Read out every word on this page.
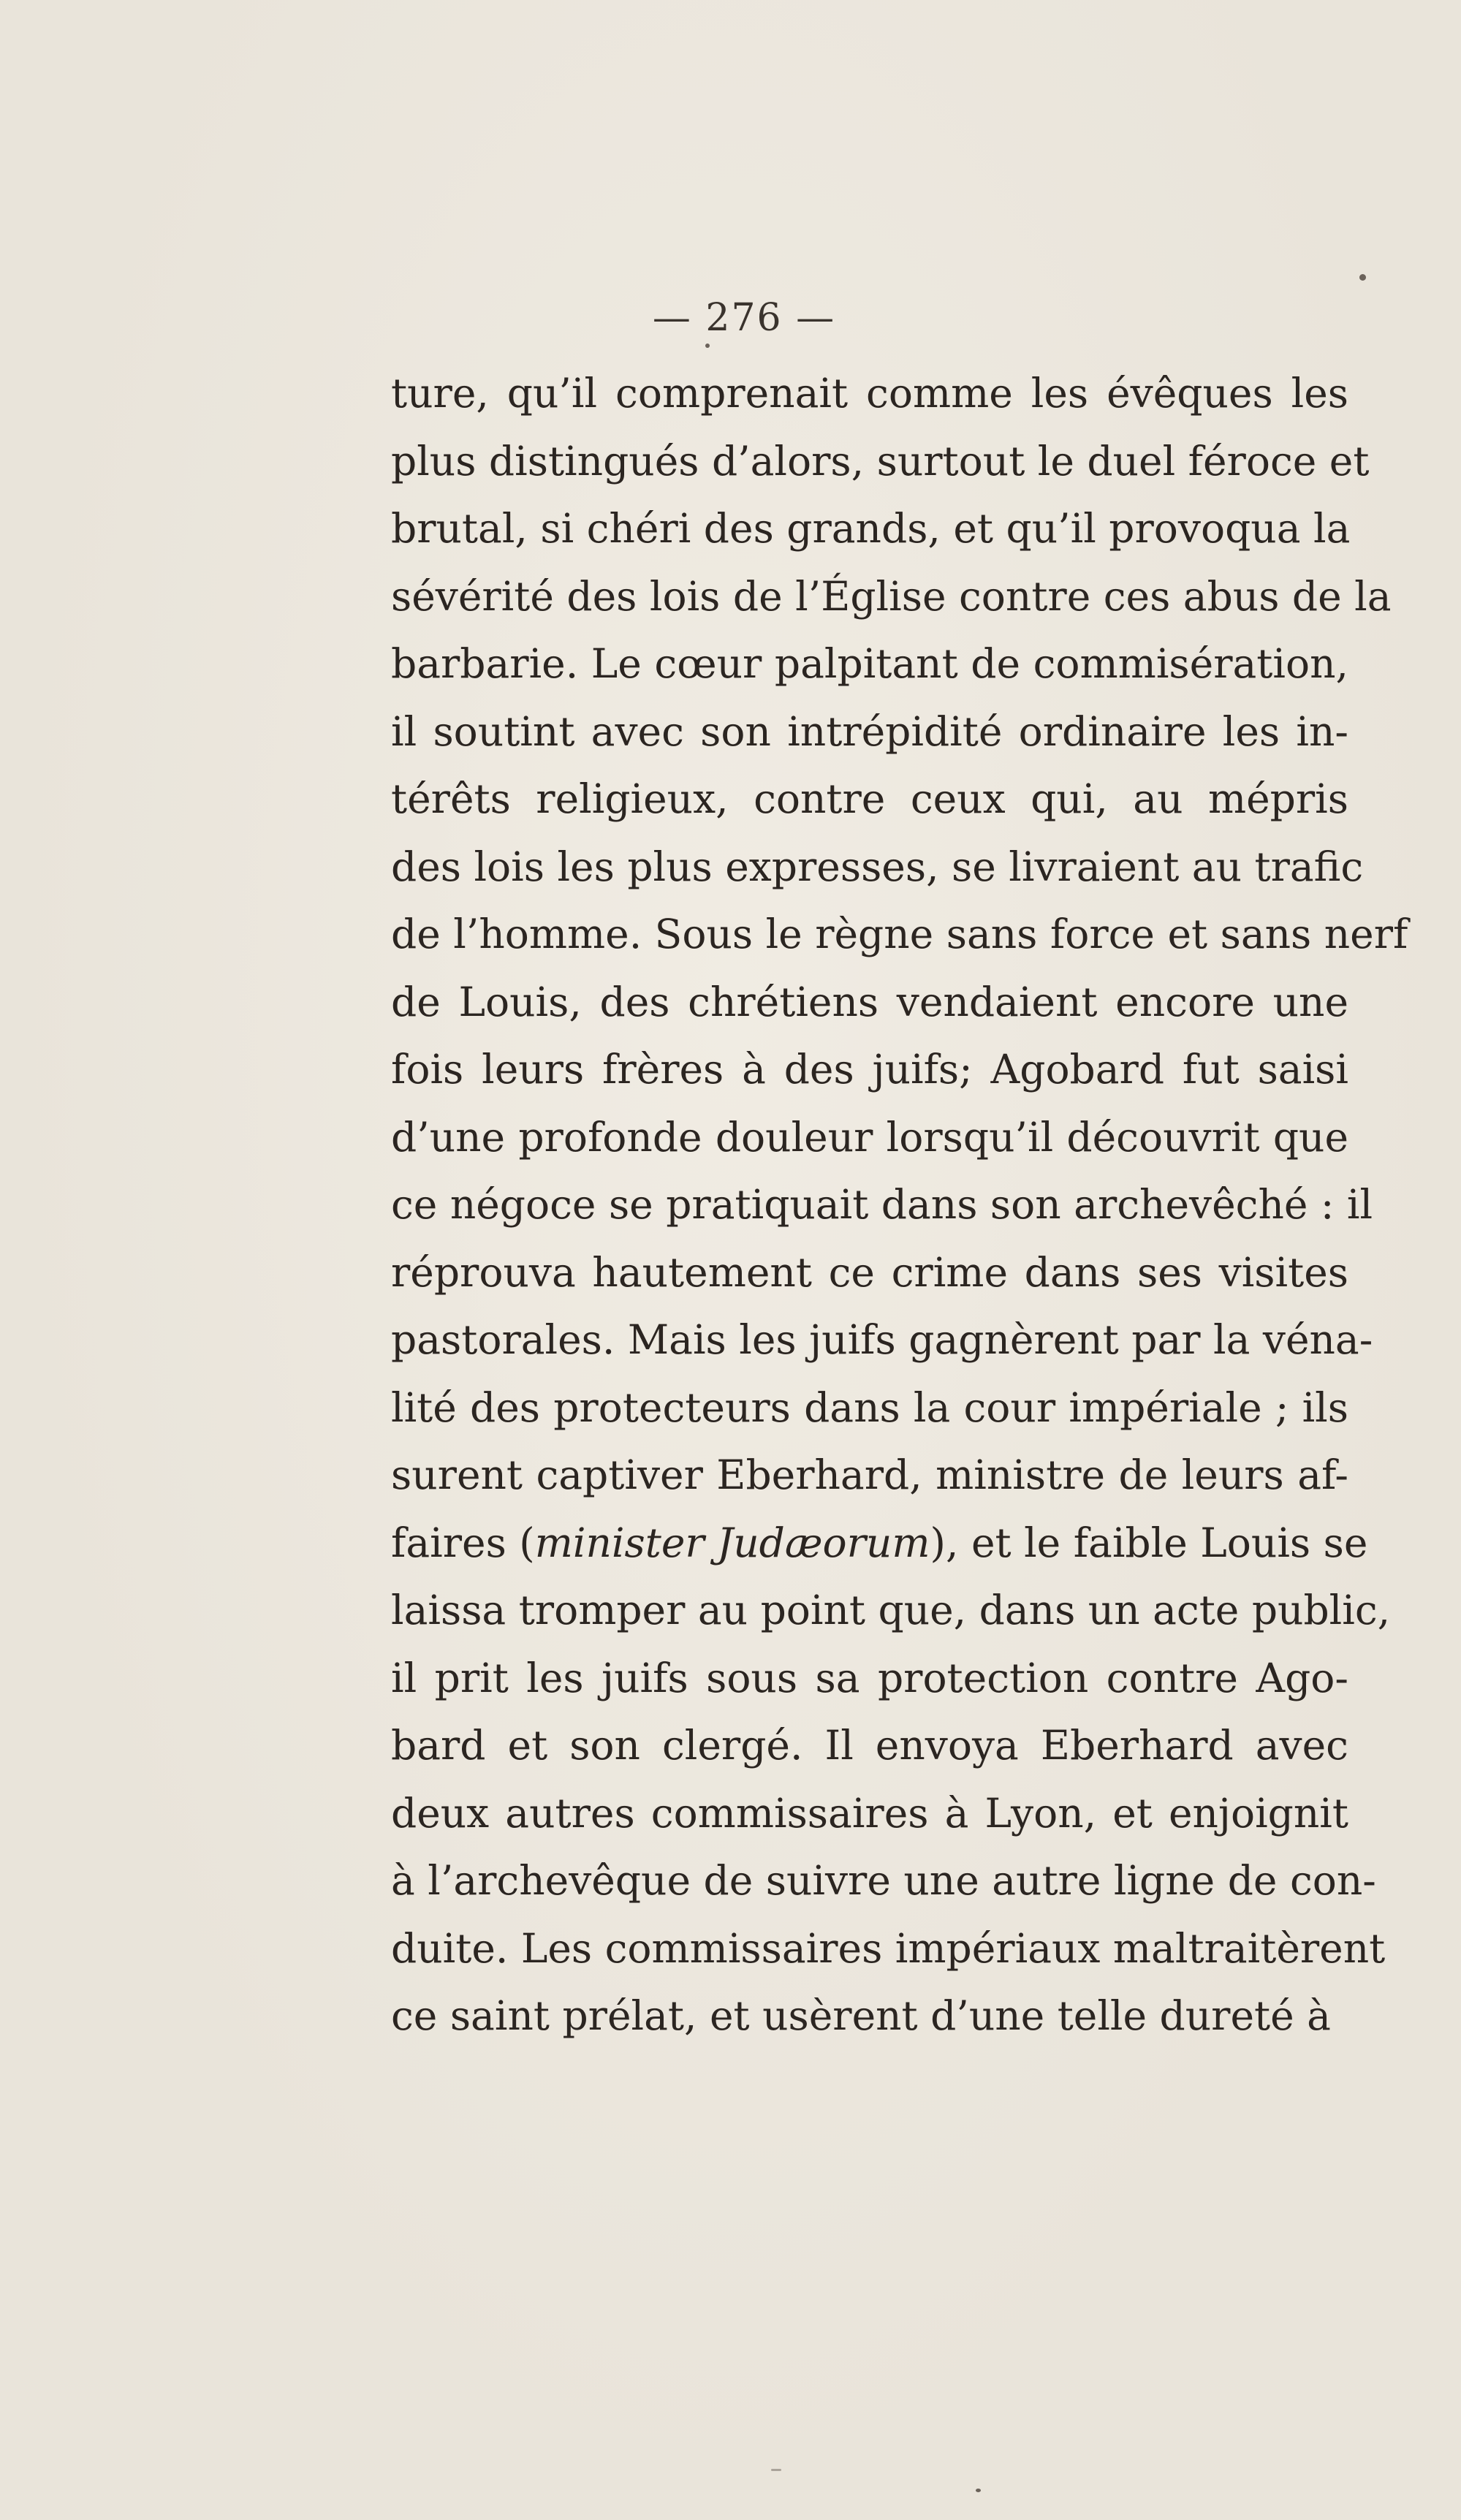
— 276 —
ture, qu’il comprenait comme les évêques les
plus distingués d’alors, surtout le duel féroce et
brutal, si chéri des grands, et qu’il provoqua la
sévérité des lois de l’Église contre ces abus de la
barbarie. Le cœur palpitant de commisération,
il soutint avec son intrépidité ordinaire les in-
térêts religieux, contre ceux qui, au mépris
des lois les plus expresses, se livraient au trafic
de l’homme. Sous le règne sans force et sans nerf
de Louis, des chrétiens vendaient encore une
fois leurs frères à des juifs; Agobard fut saisi
d’une profonde douleur lorsqu’il découvrit que
ce négoce se pratiquait dans son archevêché : il
réprouva hautement ce crime dans ses visites
pastorales. Mais les juifs gagnèrent par la véna-
lité des protecteurs dans la cour impériale ; ils
surent captiver Eberhard, ministre de leurs af-
faires (minister Judæorum), et le faible Louis se
laissa tromper au point que, dans un acte public,
il prit les juifs sous sa protection contre Ago-
bard et son clergé. Il envoya Eberhard avec
deux autres commissaires à Lyon, et enjoignit
à l’archevêque de suivre une autre ligne de con-
duite. Les commissaires impériaux maltraitèrent
ce saint prélat, et usèrent d’une telle dureté à
